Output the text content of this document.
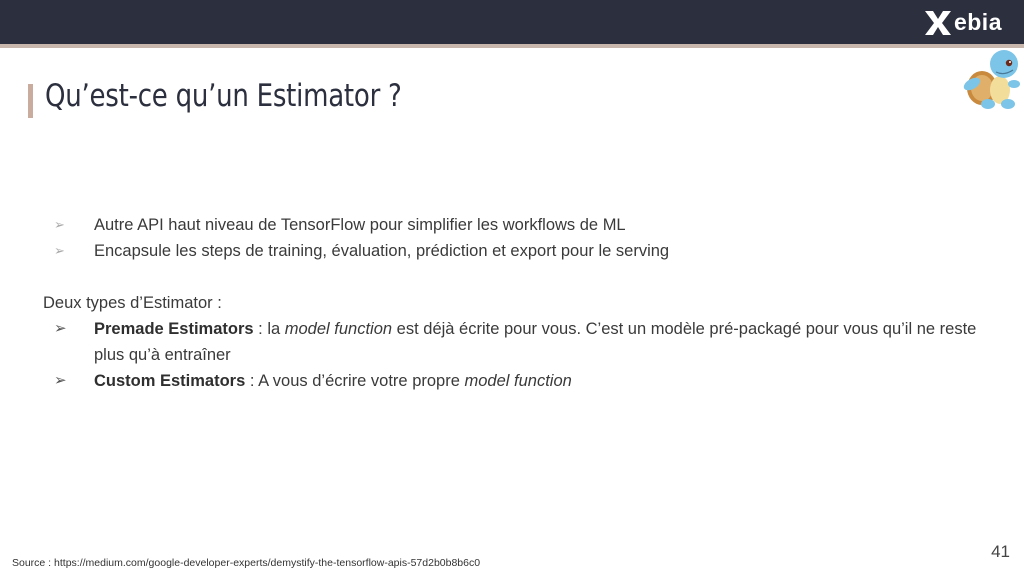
ebia
Qu’est-ce qu’un Estimator ?
➢ Autre API haut niveau de TensorFlow pour simplifier les workflows de ML
➢ Encapsule les steps de training, évaluation, prédiction et export pour le serving
Deux types d’Estimator :
➢ Premade Estimators : la model function est déjà écrite pour vous. C’est un modèle pré-packagé pour vous qu’il ne reste plus qu’à entraîner
➢ Custom Estimators : A vous d’écrire votre propre model function
Source : https://medium.com/google-developer-experts/demystify-the-tensorflow-apis-57d2b0b8b6c0
41
